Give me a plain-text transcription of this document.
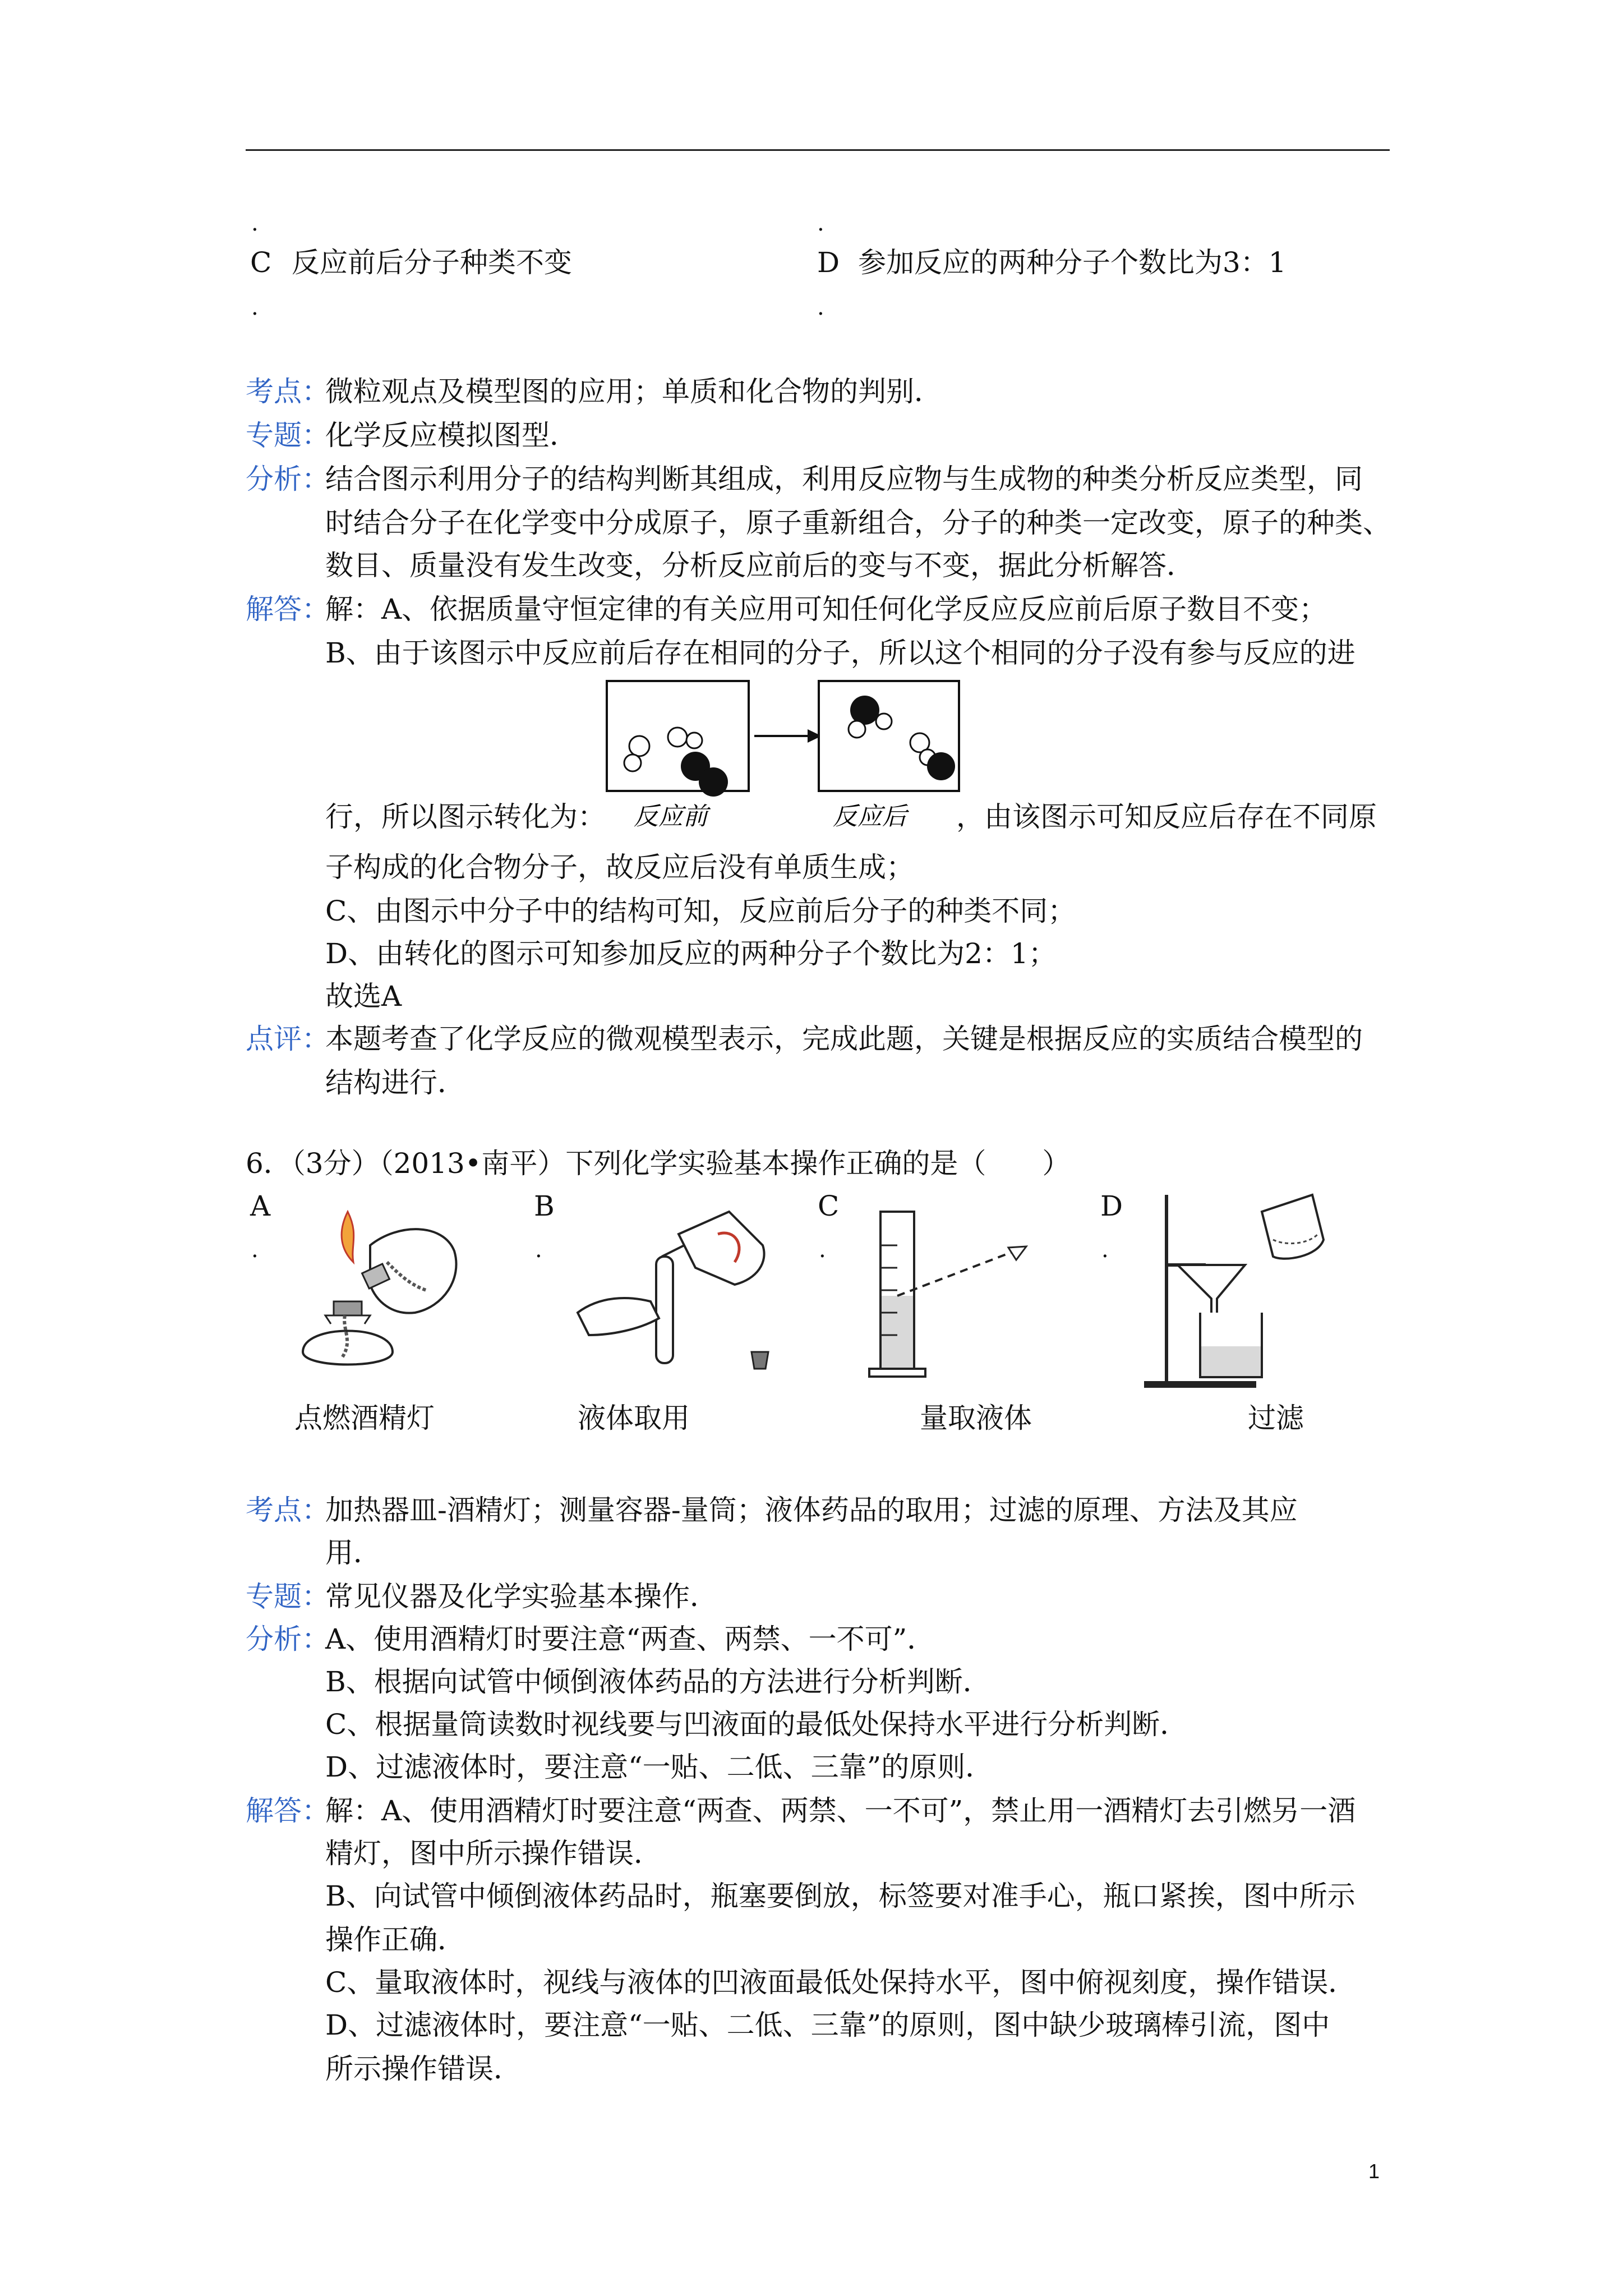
.	.
C 反应前后分子种类不变	D 参加反应的两种分子个数比为3：1
.	.
考点：
微粒观点及模型图的应用；单质和化合物的判别．
专题：
化学反应模拟图型．
分析：
结合图示利用分子的结构判断其组成，利用反应物与生成物的种类分析反应类型，同
时结合分子在化学变中分成原子，原子重新组合，分子的种类一定改变，原子的种类、
数目、质量没有发生改变，分析反应前后的变与不变，据此分析解答．
解答：
解：A、依据质量守恒定律的有关应用可知任何化学反应反应前后原子数目不变；
B、由于该图示中反应前后存在相同的分子，所以这个相同的分子没有参与反应的进
反应前	反应后
行，所以图示转化为：	，由该图示可知反应后存在不同原
子构成的化合物分子，故反应后没有单质生成；
C、由图示中分子中的结构可知，反应前后分子的种类不同；
D、由转化的图示可知参加反应的两种分子个数比为2：1；
故选A
点评：
本题考查了化学反应的微观模型表示，完成此题，关键是根据反应的实质结合模型的
结构进行．
6．（3分）（2013•南平）下列化学实验基本操作正确的是（　　）
A	B	C	D
.	.	.	.
点燃酒精灯	液体取用	量取液体	过滤
考点：
加热器皿-酒精灯；测量容器-量筒；液体药品的取用；过滤的原理、方法及其应
用．
专题：
常见仪器及化学实验基本操作．
分析：
A、使用酒精灯时要注意“两查、两禁、一不可”．
B、根据向试管中倾倒液体药品的方法进行分析判断．
C、根据量筒读数时视线要与凹液面的最低处保持水平进行分析判断．
D、过滤液体时，要注意“一贴、二低、三靠”的原则．
解答：
解：A、使用酒精灯时要注意“两查、两禁、一不可”，禁止用一酒精灯去引燃另一酒
精灯，图中所示操作错误．
B、向试管中倾倒液体药品时，瓶塞要倒放，标签要对准手心，瓶口紧挨，图中所示
操作正确．
C、量取液体时，视线与液体的凹液面最低处保持水平，图中俯视刻度，操作错误．
D、过滤液体时，要注意“一贴、二低、三靠”的原则，图中缺少玻璃棒引流，图中
所示操作错误．
1
